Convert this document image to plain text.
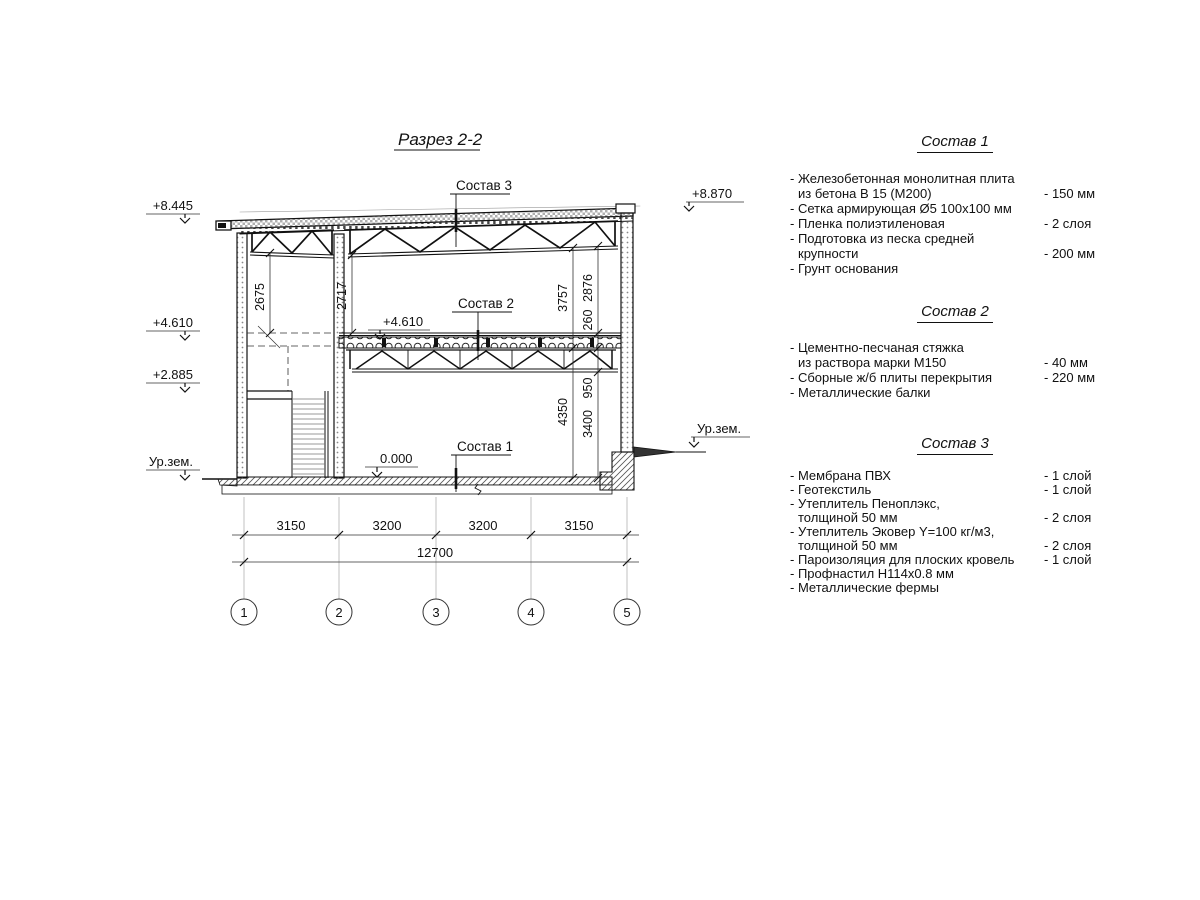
Разрез 2-2
3150	3200	3200	3150
12700
1	2	3	4	5
2675	2717	3757
4350
2876
260
950
3400
+8.445
+4.610
+2.885
Ур.зем.
+8.870
Ур.зем.
0.000
+4.610
Состав 3
Состав 2
Состав 1
Состав 1
- Железобетонная монолитная плита
из бетона В 15 (М200)	- 150 мм
- Сетка армирующая Ø5 100x100 мм
- Пленка полиэтиленовая	- 2 слоя
- Подготовка из песка средней
крупности	- 200 мм
- Грунт основания
Состав 2
- Цементно-песчаная стяжка
из раствора марки М150	- 40 мм
- Сборные ж/б плиты перекрытия	- 220 мм
- Металлические балки
Состав 3
- Мембрана ПВХ	- 1 слой
- Геотекстиль	- 1 слой
- Утеплитель Пеноплэкс,
толщиной 50 мм	- 2 слоя
- Утеплитель Эковер Y=100 кг/м3,
толщиной 50 мм	- 2 слоя
- Пароизоляция для плоских кровель - 1 слой
- Профнастил Н114х0.8 мм
- Металлические фермы
